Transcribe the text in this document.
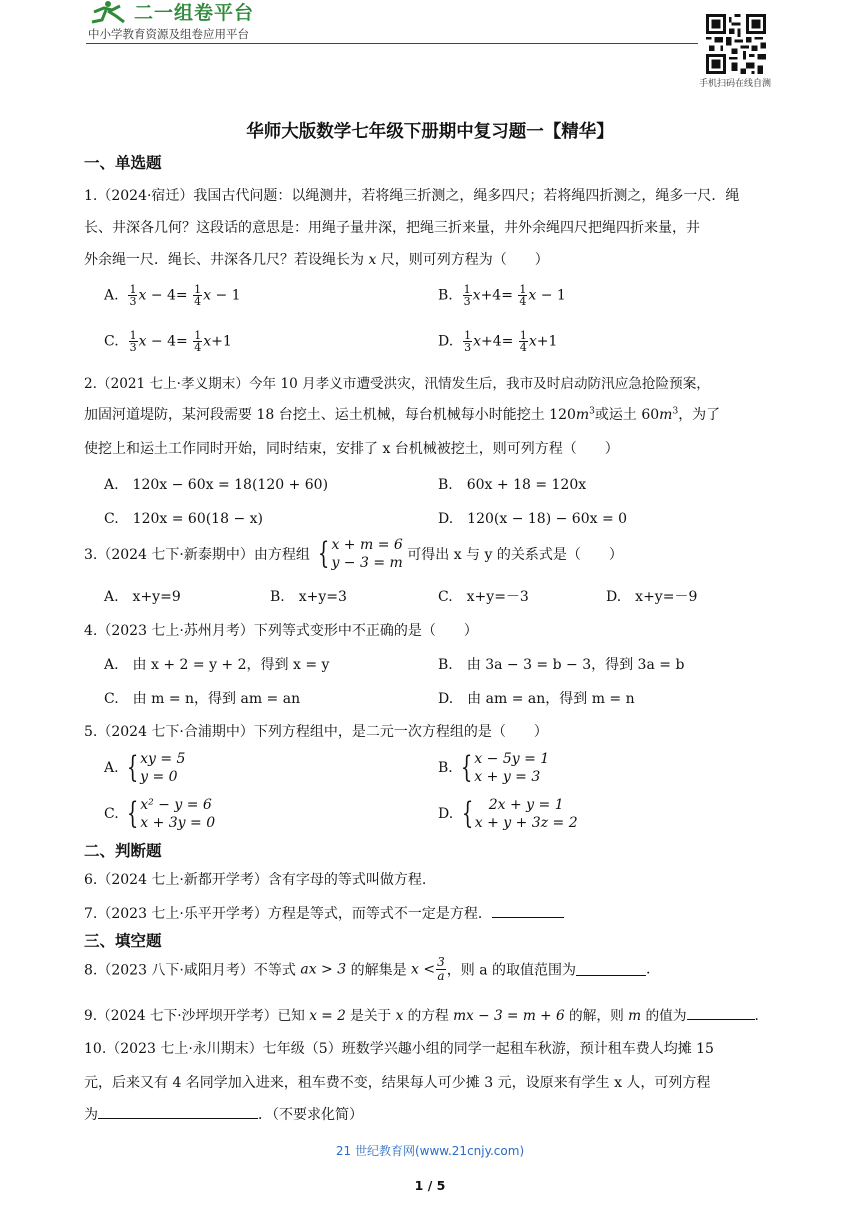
二一组卷平台
中小学教育资源及组卷应用平台
手机扫码在线自测
华师大版数学七年级下册期中复习题一【精华】
一、单选题
1.（2024·宿迁）我国古代问题：以绳测井，若将绳三折测之，绳多四尺；若将绳四折测之，绳多一尺．绳
长、井深各几何？这段话的意思是：用绳子量井深，把绳三折来量，井外余绳四尺把绳四折来量，井
外余绳一尺．绳长、井深各几尺？若设绳长为 x 尺，则可列方程为（　　）
A. $\frac{1}{3}$ $x - 4= \frac{1}{4}$ x − 1	B. $\frac{1}{3} x+4= \frac{1}{4}$ x − 1
C. $\frac{1}{3}$ $x - 4= \frac{1}{4} x+1$	D. $\frac{1}{3} x+4= \frac{1}{4} x+1$
2.（2021 七上·孝义期末）今年 10 月孝义市遭受洪灾，汛情发生后，我市及时启动防汛应急抢险预案，
加固河道堤防，某河段需要 18 台挖土、运土机械，每台机械每小时能挖土 $120m^3$或运土 $60m^3$，为了
使挖上和运土工作同时开始，同时结束，安排了 x 台机械被挖土，则可列方程（　　）
A.　120x − 60x = 18(120 + 60)	B.　60x + 18 = 120x
C.　120x = 60(18 − x)	D.　120(x − 18) − 60x = 0
3.（2024 七下·新泰期中）由方程组 { x + m = 6
y − 3 = m 可得出 x 与 y 的关系式是（　　）
A.　x+y=9	B.　x+y=3	C.　x+y=－3	D.　x+y=－9
4.（2023 七上·苏州月考）下列等式变形中不正确的是（　　）
A.　由 x + 2 = y + 2，得到 x = y	B.　由 3a − 3 = b − 3，得到 3a = b
C.　由 m = n，得到 am = an	D.　由 am = an，得到 m = n
5.（2024 七下·合浦期中）下列方程组中，是二元一次方程组的是（　　）
A. { xy = 5
y = 0
B. { x − 5y = 1
x + y = 3
C. { x² − y = 6
x + 3y = 0
D. {	2x + y = 1
x + y + 3z = 2
二、判断题
6.（2024 七上·新都开学考）含有字母的等式叫做方程.
7.（2023 七上·乐平开学考）方程是等式，而等式不一定是方程．
三、填空题
8.（2023 八下·咸阳月考）不等式 ax > 3 的解集是 $x < \frac{3}{a}$ ，则 a 的取值范围为	.
9.（2024 七下·沙坪坝开学考）已知 x = 2 是关于 x 的方程 mx − 3 = m + 6 的解，则 m 的值为	.
10.（2023 七上·永川期末）七年级（5）班数学兴趣小组的同学一起租车秋游，预计租车费人均摊 15
元，后来又有 4 名同学加入进来，租车费不变，结果每人可少摊 3 元，设原来有学生 x 人，可列方程
为	．（不要求化简）
21 世纪教育网(www.21cnjy.com)
1 / 5
